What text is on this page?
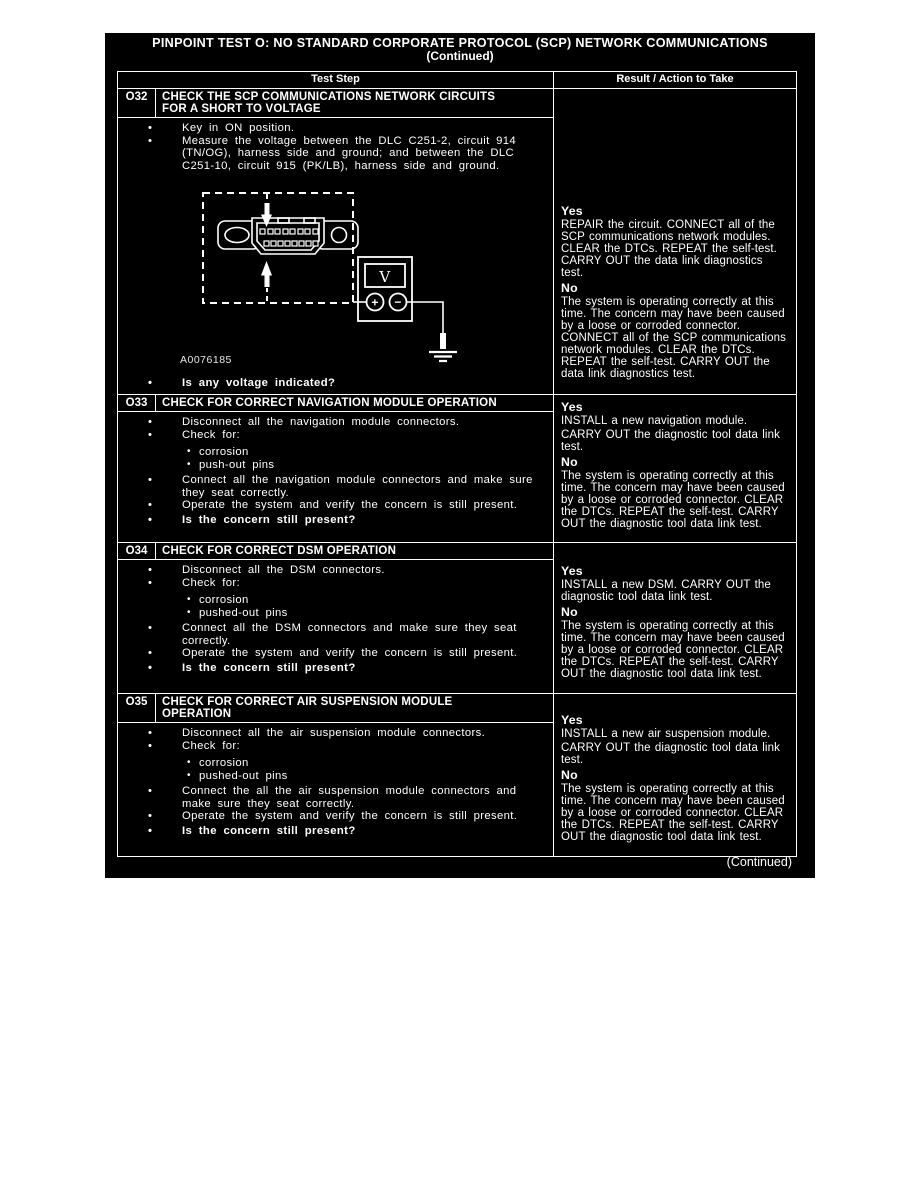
PINPOINT TEST O: NO STANDARD CORPORATE PROTOCOL (SCP) NETWORK COMMUNICATIONS
(Continued)
Test Step	Result / Action to Take
O32	CHECK THE SCP COMMUNICATIONS NETWORK CIRCUITS FOR A SHORT TO VOLTAGE
• Key in ON position.
• Measure the voltage between the DLC C251-2, circuit 914 (TN/OG), harness side and ground; and between the DLC C251-10, circuit 915 (PK/LB), harness side and ground.
V
+ −
A0076185
• Is any voltage indicated?
Yes
REPAIR the circuit. CONNECT all of the SCP communications network modules. CLEAR the DTCs. REPEAT the self-test. CARRY OUT the data link diagnostics test.
No
The system is operating correctly at this time. The concern may have been caused by a loose or corroded connector. CONNECT all of the SCP communications network modules. CLEAR the DTCs. REPEAT the self-test. CARRY OUT the data link diagnostics test.
O33	CHECK FOR CORRECT NAVIGATION MODULE OPERATION
• Disconnect all the navigation module connectors.
• Check for:
• corrosion
• push-out pins
• Connect all the navigation module connectors and make sure they seat correctly.
• Operate the system and verify the concern is still present.
• Is the concern still present?
Yes
INSTALL a new navigation module.
CARRY OUT the diagnostic tool data link test.
No
The system is operating correctly at this time. The concern may have been caused by a loose or corroded connector. CLEAR the DTCs. REPEAT the self-test. CARRY OUT the diagnostic tool data link test.
O34	CHECK FOR CORRECT DSM OPERATION
• Disconnect all the DSM connectors.
• Check for:
• corrosion
• pushed-out pins
• Connect all the DSM connectors and make sure they seat correctly.
• Operate the system and verify the concern is still present.
• Is the concern still present?
Yes
INSTALL a new DSM. CARRY OUT the diagnostic tool data link test.
No
The system is operating correctly at this time. The concern may have been caused by a loose or corroded connector. CLEAR the DTCs. REPEAT the self-test. CARRY OUT the diagnostic tool data link test.
O35	CHECK FOR CORRECT AIR SUSPENSION MODULE OPERATION
• Disconnect all the air suspension module connectors.
• Check for:
• corrosion
• pushed-out pins
• Connect the all the air suspension module connectors and make sure they seat correctly.
• Operate the system and verify the concern is still present.
• Is the concern still present?
Yes
INSTALL a new air suspension module.
CARRY OUT the diagnostic tool data link test.
No
The system is operating correctly at this time. The concern may have been caused by a loose or corroded connector. CLEAR the DTCs. REPEAT the self-test. CARRY OUT the diagnostic tool data link test.
(Continued)
